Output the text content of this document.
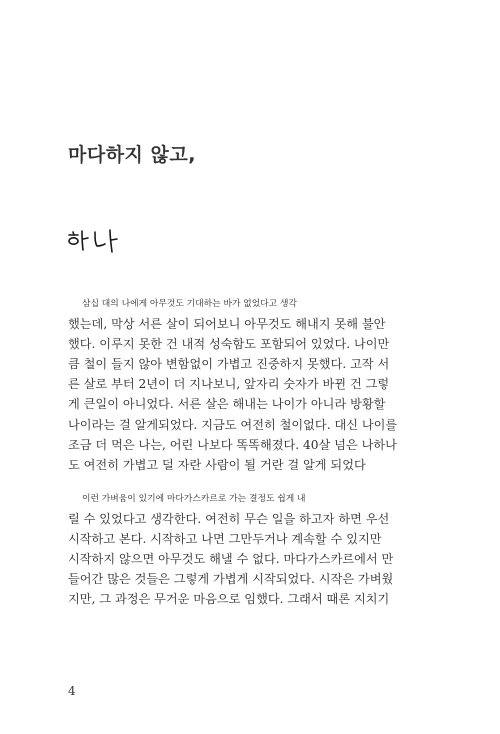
마다하지 않고,

삼십 대의 나에게 아무것도 기대하는 바가 없었다고 생각
했는데, 막상 서른 살이 되어보니 아무것도 해내지 못해 불안
했다. 이루지 못한 건 내적 성숙함도 포함되어 있었다. 나이만
큼 철이 들지 않아 변함없이 가볍고 진중하지 못했다. 고작 서
른 살로 부터 2년이 더 지나보니, 앞자리 숫자가 바뀐 건 그렇
게 큰일이 아니었다. 서른 살은 해내는 나이가 아니라 방황할
나이라는 걸 알게되었다. 지금도 여전히 철이없다. 대신 나이를
조금 더 먹은 나는, 어린 나보다 똑똑해졌다. 40살 넘은 나하나
도 여전히 가볍고 덜 자란 사람이 될 거란 걸 알게 되었다

이런 가벼움이 있기에 마다가스카르로 가는 결정도 쉽게 내
릴 수 있었다고 생각한다. 여전히 무슨 일을 하고자 하면 우선
시작하고 본다. 시작하고 나면 그만두거나 계속할 수 있지만
시작하지 않으면 아무것도 해낼 수 없다. 마다가스카르에서 만
들어간 많은 것들은 그렇게 가볍게 시작되었다. 시작은 가벼웠
지만, 그 과정은 무거운 마음으로 임했다. 그래서 때론 지치기

4
